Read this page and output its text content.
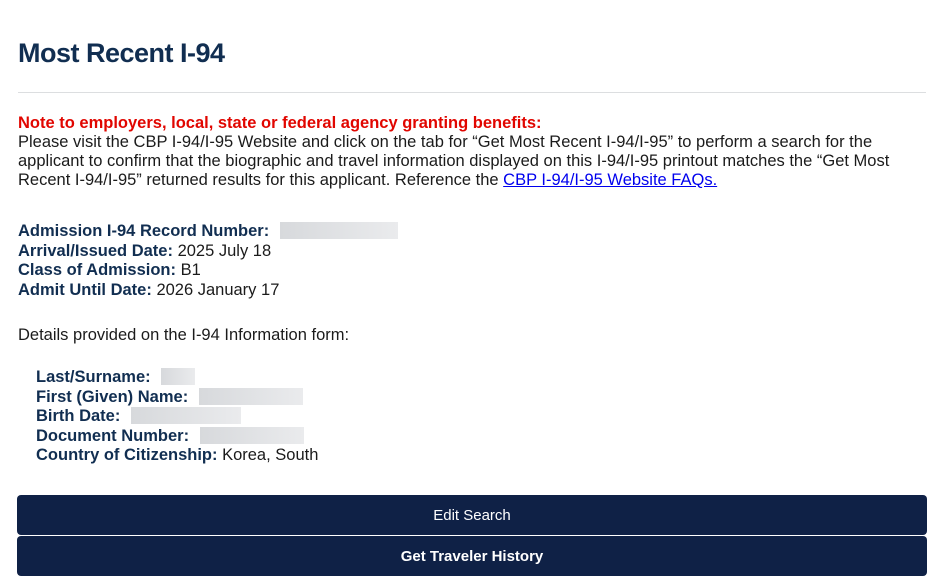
Most Recent I-94
Note to employers, local, state or federal agency granting benefits:
Please visit the CBP I-94/I-95 Website and click on the tab for “Get Most Recent I-94/I-95” to perform a search for the applicant to confirm that the biographic and travel information displayed on this I-94/I-95 printout matches the “Get Most Recent I-94/I-95” returned results for this applicant. Reference the CBP I-94/I-95 Website FAQs.
Admission I-94 Record Number:
Arrival/Issued Date: 2025 July 18
Class of Admission: B1
Admit Until Date: 2026 January 17
Details provided on the I-94 Information form:
Last/Surname:
First (Given) Name:
Birth Date:
Document Number:
Country of Citizenship: Korea, South
Edit Search
Get Traveler History
